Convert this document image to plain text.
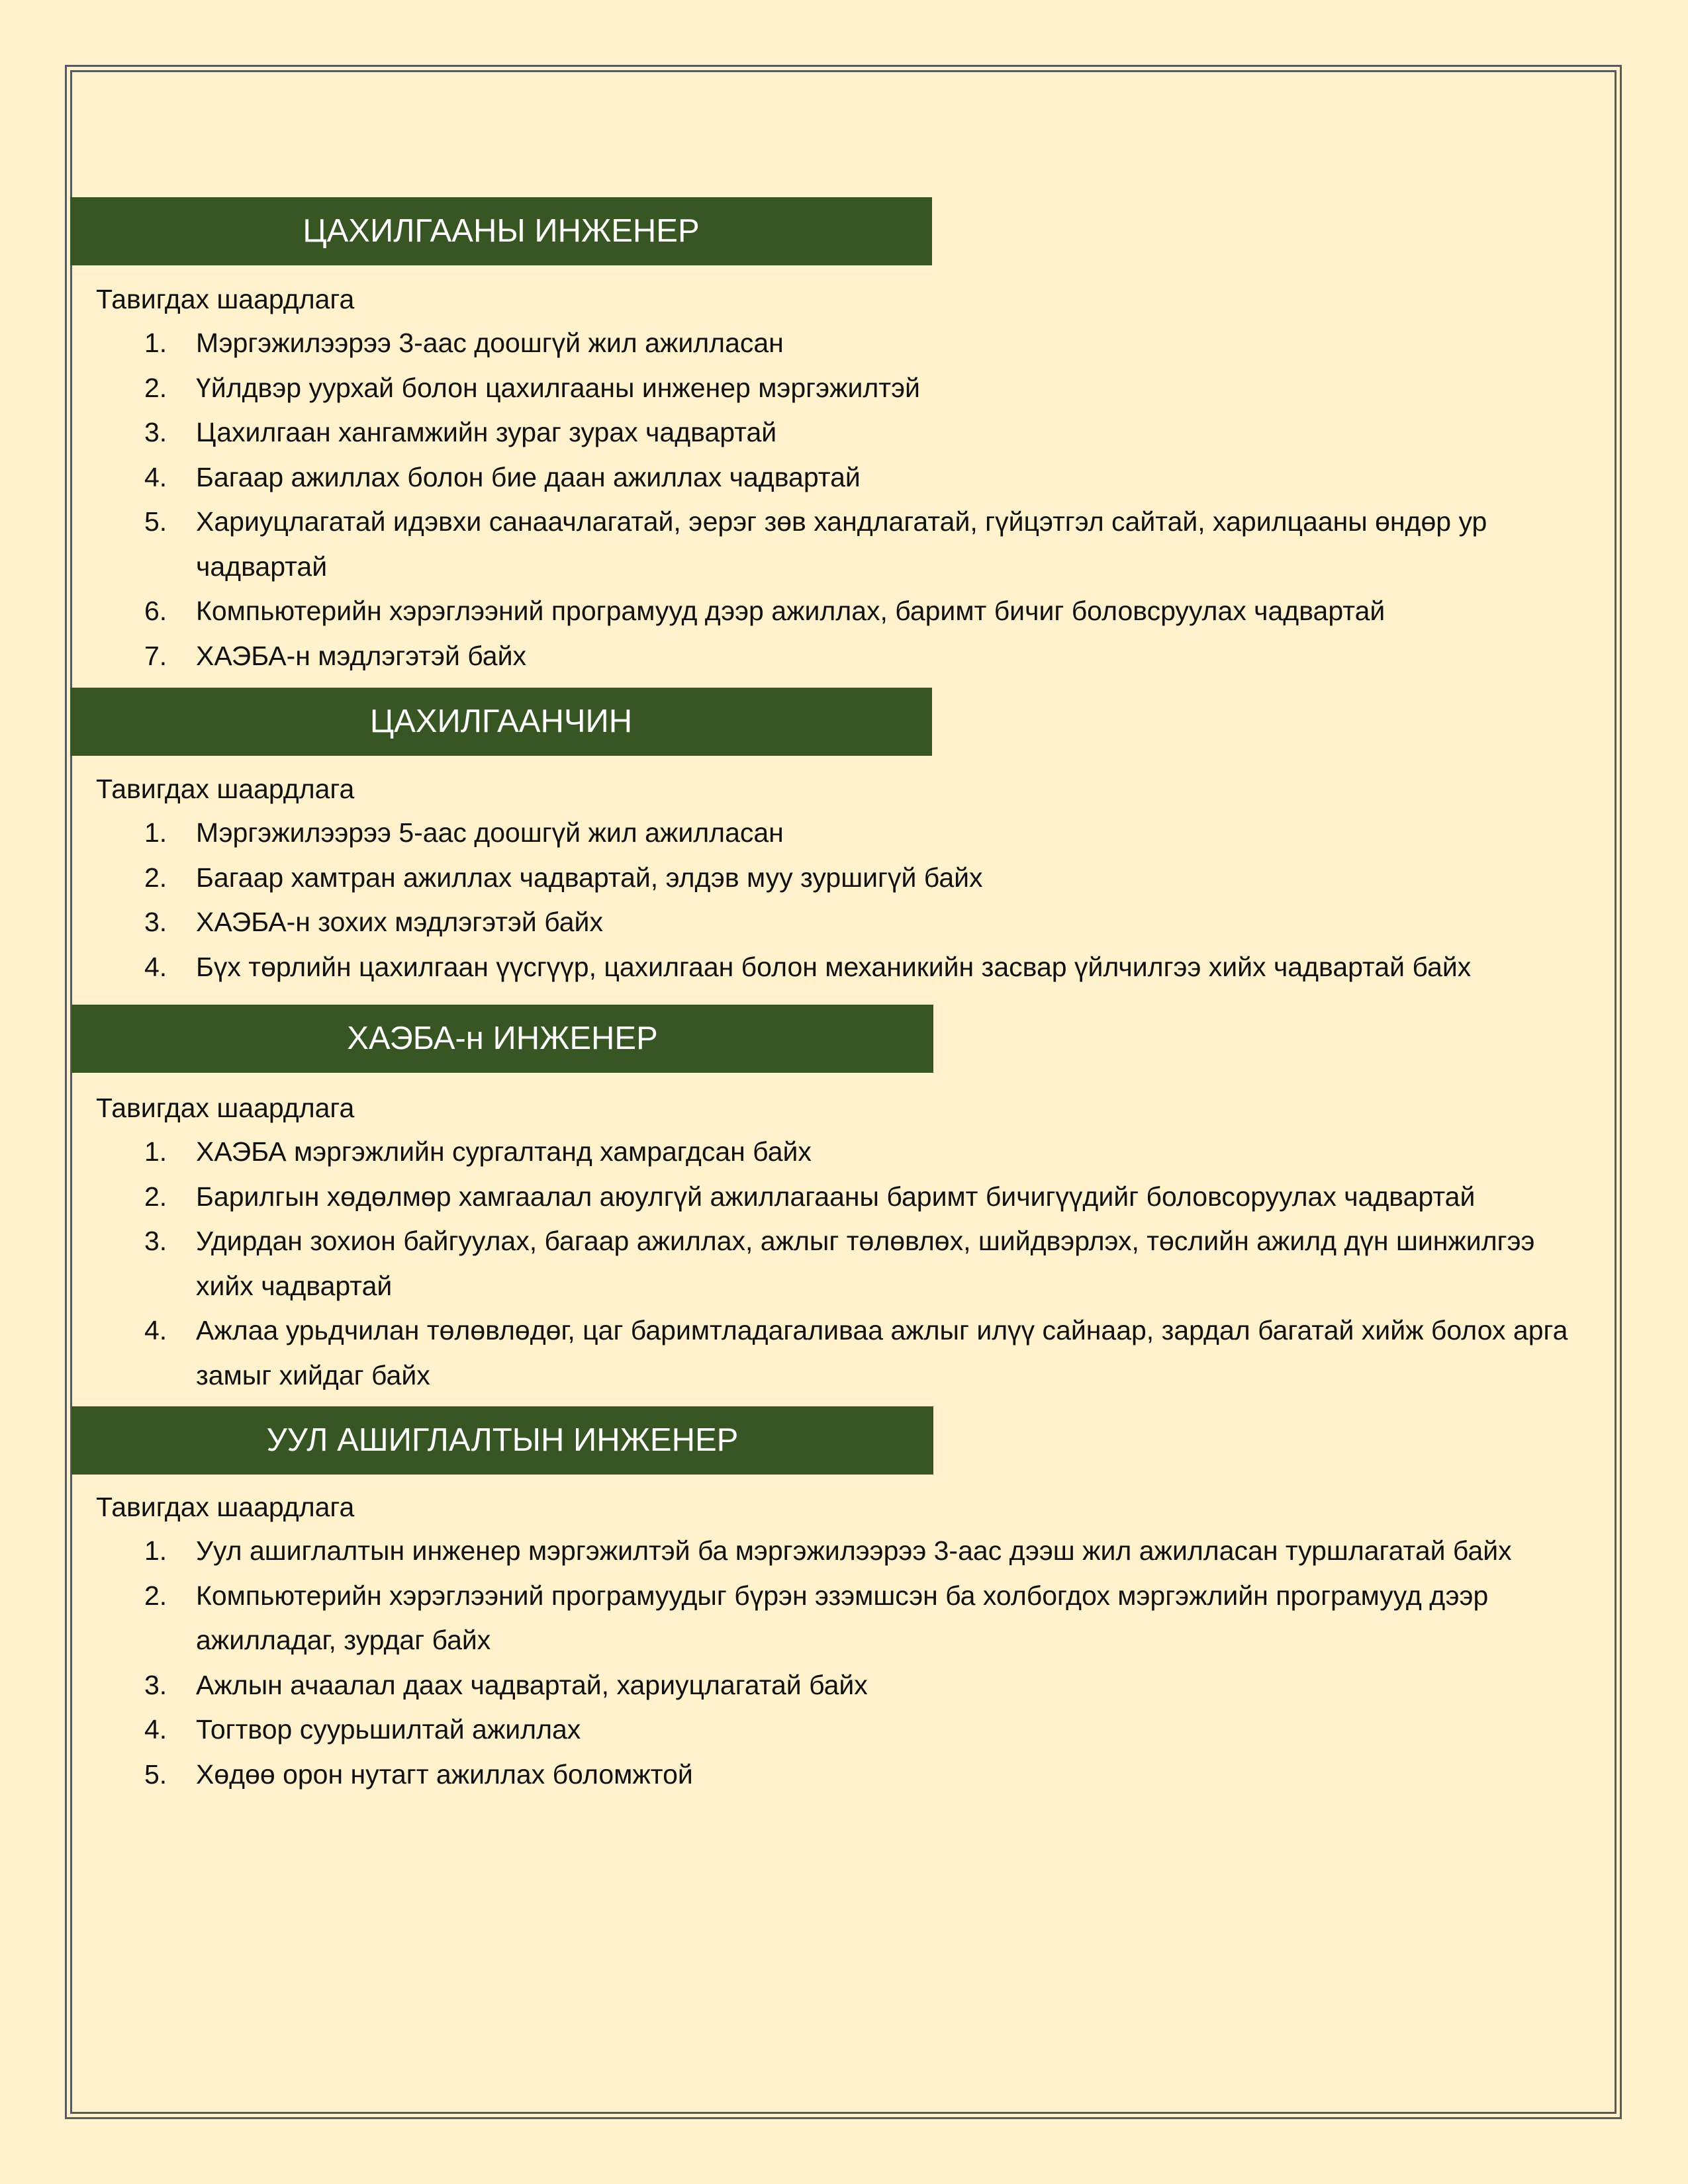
ЦАХИЛГААНЫ ИНЖЕНЕР
Тавигдах шаардлага
1. Мэргэжилээрээ 3-аас доошгүй жил ажилласан
2. Үйлдвэр уурхай болон цахилгааны инженер мэргэжилтэй
3. Цахилгаан хангамжийн зураг зурах чадвартай
4. Багаар ажиллах болон бие даан ажиллах чадвартай
5. Хариуцлагатай идэвхи санаачлагатай, эерэг зөв хандлагатай, гүйцэтгэл сайтай, харилцааны өндөр ур чадвартай
6. Компьютерийн хэрэглээний програмууд дээр ажиллах, баримт бичиг боловсруулах чадвартай
7. ХАЭБА-н мэдлэгэтэй байх
ЦАХИЛГААНЧИН
Тавигдах шаардлага
1. Мэргэжилээрээ 5-аас доошгүй жил ажилласан
2. Багаар хамтран ажиллах чадвартай, элдэв муу зуршигүй байх
3. ХАЭБА-н зохих мэдлэгэтэй байх
4. Бүх төрлийн цахилгаан үүсгүүр, цахилгаан болон механикийн засвар үйлчилгээ хийх чадвартай байх
ХАЭБА-н ИНЖЕНЕР
Тавигдах шаардлага
1. ХАЭБА мэргэжлийн сургалтанд хамрагдсан байх
2. Барилгын хөдөлмөр хамгаалал аюулгүй ажиллагааны баримт бичигүүдийг боловсоруулах чадвартай
3. Удирдан зохион байгуулах, багаар ажиллах, ажлыг төлөвлөх, шийдвэрлэх, төслийн ажилд дүн шинжилгээ хийх чадвартай
4. Ажлаа урьдчилан төлөвлөдөг, цаг баримтладагаливаа ажлыг илүү сайнаар, зардал багатай хийж болох арга замыг хийдаг байх
УУЛ АШИГЛАЛТЫН ИНЖЕНЕР
Тавигдах шаардлага
1. Уул ашиглалтын инженер мэргэжилтэй ба мэргэжилээрээ 3-аас дээш жил ажилласан туршлагатай байх
2. Компьютерийн хэрэглээний програмуудыг бүрэн эзэмшсэн ба холбогдох мэргэжлийн програмууд дээр ажилладаг, зурдаг байх
3. Ажлын ачаалал даах чадвартай, хариуцлагатай байх
4. Тогтвор суурьшилтай ажиллах
5. Хөдөө орон нутагт ажиллах боломжтой
